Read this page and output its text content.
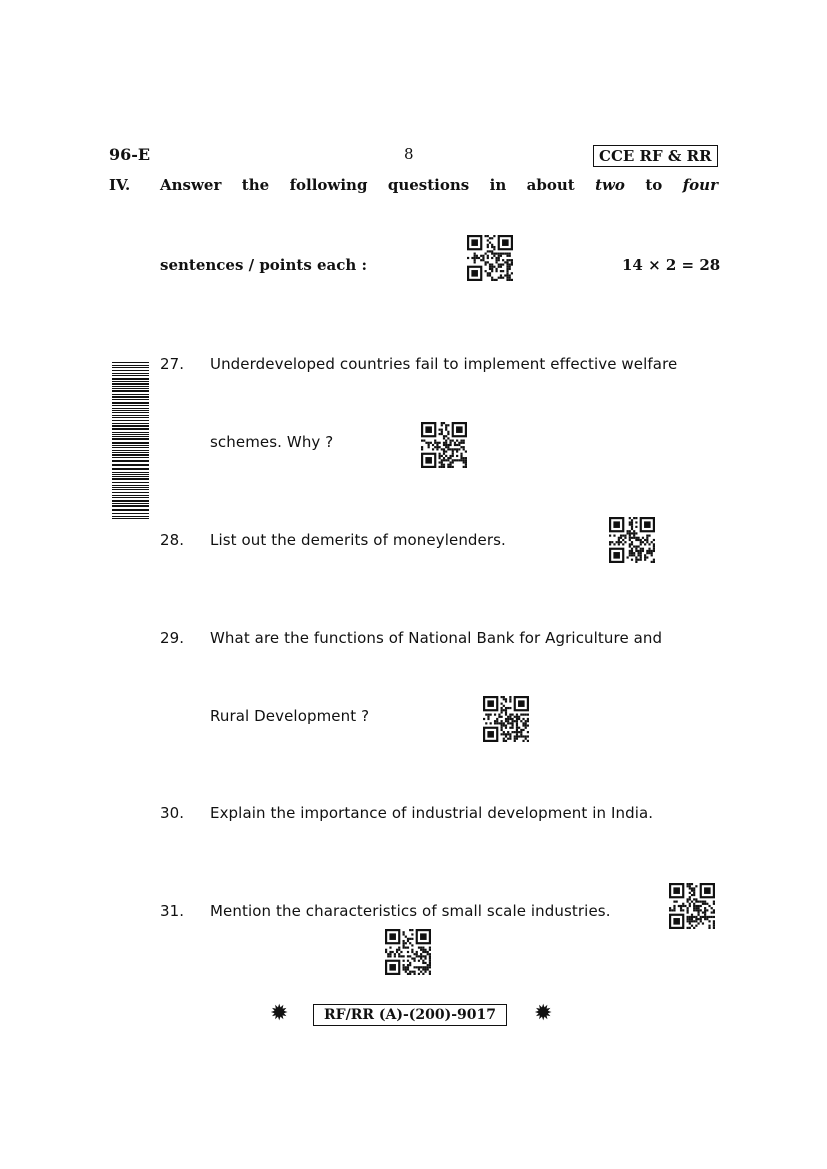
96-E	8	CCE RF & RR
IV. Answer the following questions in about two to four
sentences / points each :	14 × 2 = 28
27. Underdeveloped countries fail to implement effective welfare
schemes. Why ?
28. List out the demerits of moneylenders.
29. What are the functions of National Bank for Agriculture and
Rural Development ?
30. Explain the importance of industrial development in India.
31. Mention the characteristics of small scale industries.
✹	RF/RR (A)-(200)-9017	✹
